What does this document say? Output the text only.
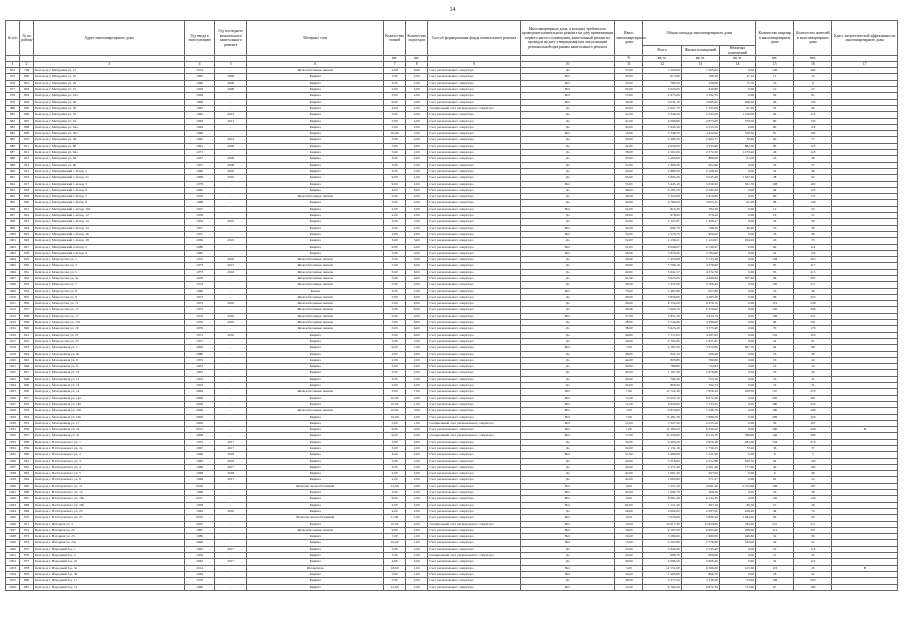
14
№ п/п	№ по району	Адрес многоквартирного дома	Год ввода в эксплуатацию	Год последнего комплексного капитального ремонта	Материал стен	Количество этажей	Количество подъездов	Способ формирования фонда капитального ремонта	Многоквартирные дома, в которых требовалось проведение капитального ремонта на дату приватизации первого жилого помещения, капитальный ремонт не проведен на дату утверждения или актуализации региональной программы капитального ремонта	Износ многоквартирного дома	Общая площадь многоквартирного дома			Количество квартир в многоквартирном доме	Количество жителей в многоквартирном доме	Класс энергетической эффективности многоквартирного дома
											Всего	Жилых помещений	Нежилых помещений			
						шт.	шт.			%	кв. м.	кв. м.	кв. м.	шт.	чел.	
1	2	3	4	5	6	7	8	9	10	11	12	13	14	15	16	17
974	799	Белгород г, Мичурина ул, 17	1974	-	Железобетонные панели	5,00	8,00	Счет регионального оператора	Да	37,00	7 505,00	7 505,00	0,00	120	264	
975	800	Белгород г, Мичурина ул, 25	1965	2009	Кирпич	3,00	2,00	Счет регионального оператора	Нет	33,00	815,60	768,50	47,10	11	14	
976	801	Белгород г, Мичурина ул, 29	1960	2009	Кирпич	2,00	2,00	Счет регионального оператора	Нет	33,00	785,50	339,00	75,70	16	8	
977	802	Белгород г, Мичурина ул, 31	1959	2009	Кирпич	2,00	2,00	Счет регионального оператора	Нет	32,00	2 020,00	420,80	0,00	12	27	
978	803	Белгород г, Мичурина ул, 43а	1999	-	Кирпич	5,00	4,00	Счет регионального оператора	Нет	15,00	4 475,00	3 762,70	0,00	59	81	
979	804	Белгород г, Мичурина ул, 50	1999	-	Кирпич	9,00	2,00	Счет регионального оператора	Нет	30,00	5 032,10	4 085,00	626,50	46	145	
980	805	Белгород г, Мичурина ул, 50	1963	-	Кирпич	4,00	2,00	Специальный счет регионального оператора	Да	40,00	2 021,70	1 705,00	61,20	32	66	
981	806	Белгород г, Мичурина ул, 52	1962	2013	Кирпич	5,00	4,00	Счет регионального оператора	Да	41,00	3 246,50	2 524,50	1 150,00	64	113	
982	807	Белгород г, Мичурина ул, 54	1962	2013	Кирпич	5,00	4,00	Счет регионального оператора	Да	41,00	4 060,80	2 873,60	379,30	80	143	
983	808	Белгород г, Мичурина ул, 54а	1964	-	Кирпич	5,00	4,00	Счет регионального оператора	Да	45,00	3 443,50	2 555,50	0,00	60	116	
984	809	Белгород г, Мичурина ул, 56а	1966	-	Кирпич	10,00	2,00	Счет регионального оператора	Нет	16,00	5 348,70	4 422,00	336,30	81	194	
985	810	Белгород г, Мичурина ул, 58	1962	2014	Кирпич	5,00	4,00	Счет регионального оператора	Да	45,00	3 383,30	2 464,77	38,40	60	77	
986	811	Белгород г, Мичурина ул, 60	1961	2009	Кирпич	5,00	4,00	Счет регионального оператора	Да	42,00	4 650,00	3 353,90	882,50	80	125	
987	812	Белгород г, Мичурина ул, 62а	1973	-	Кирпич	5,00	2,00	Счет регионального оператора	Да	38,00	4 501,00	2 372,20	1 473,20	46	118	
988	813	Белгород г, Мичурина ул, 64	1957	2009	Кирпич	3,00	2,00	Счет регионального оператора	Да	45,00	1 493,00	886,90	61,00	18	48	
989	814	Белгород г, Мичурина ул, 66	1957	2009	Кирпич	3,00	2,00	Счет регионального оператора	Да	31,00	1 406,30	902,90	0,00	18	37	
990	815	Белгород г, Мичуринский 1-й пер, 2	1960	2016	Кирпич	2,00	2,00	Счет регионального оператора	Да	43,00	2 889,50	2 108,20	0,00	54	96	
991	816	Белгород г, Мичуринский 1-й пер, 2а	1969	2016	Кирпич	9,00	1,00	Счет регионального оператора	Да	43,00	5 695,20	3 045,40	1 547,20	48	92	
992	817	Белгород г, Мичуринский 1-й пер, 3	1978	-	Кирпич	9,00	2,00	Счет регионального оператора	Нет	35,00	5 445,10	3 250,50	561,70	108	100	
993	818	Белгород г, Мичуринский 1-й пер, 6	1965	-	Кирпич	4,00	3,00	Счет регионального оператора	Да	46,00	4 181,50	2 584,20	0,00	64	123	
994	819	Белгород г, Мичуринский 1-й пер, 7	1970	-	Железобетонные панели	5,00	4,00	Счет регионального оператора	Да	36,00	3 520,68	2 479,60	0,00	80	127	
995	820	Белгород г, Мичуринский 1-й пер, 8	1968	-	Кирпич	5,00	4,00	Счет регионального оператора	Да	45,00	4 784,00	3 053,31	81,28	68	149	
996	821	Белгород г, Мичуринский 1-й пер, 10а	1957	-	Кирпич	2,00	2,00	Счет регионального оператора	Нет	54,00	816,30	784,30	0,00	12	23	
997	822	Белгород г, Мичуринский 1-й пер, 12	1956	-	Кирпич	2,00	2,00	Счет регионального оператора	Да	38,00	978,00	579,20	0,00	16	37	
998	823	Белгород г, Мичуринский 1-й пер, 13	1959	2019	Кирпич	2,00	2,00	Счет регионального оператора	Да	52,00	2 121,87	1 499,17	0,00	36	50	
999	824	Белгород г, Мичуринский 1-й пер, 14	1957	-	Кирпич	2,00	2,00	Счет регионального оператора	Нет	54,00	894,70	798,20	46,40	16	36	
1000	825	Белгород г, Мичуринский 1-й пер, 16	1957	-	Кирпич	2,00	2,00	Счет регионального оператора	Нет	54,00	1 574,75	900,00	0,00	18	40	
1001	826	Белгород г, Мичуринский 1-й пер, 18	1959	2019	Кирпич	3,00	3,00	Счет регионального оператора	Да	52,00	2 139,21	1 124,01	294,20	20	35	
1002	827	Белгород г, Мичуринский 2-й пер, 2	1980	-	Кирпич	9,00	4,00	Счет регионального оператора	Нет	31,00	9 649,67	6 749,67	0,00	69	114	
1003	828	Белгород г, Мичуринский 2-й пер, 4	1982	-	Кирпич	5,00	4,00	Счет регионального оператора	Нет	28,00	3 876,40	2 784,60	0,00	54	119	
1004	829	Белгород г, Мокроусова ул, 1	1972	2016	Железобетонные панели	5,00	6,00	Счет регионального оператора	Да	29,00	7 453,68	5 725,28	0,00	128	303	
1005	830	Белгород г, Мокроусова ул, 3	1973	2015	Железобетонные панели	5,00	6,00	Счет регионального оператора	Да	30,00	5 796,10	4 379,90	0,00	95	217	
1006	831	Белгород г, Мокроусова ул, 5	1973	2016	Железобетонные панели	5,00	6,00	Счет регионального оператора	Да	29,00	5 641,57	4 372,70	0,00	95	215	
1007	832	Белгород г, Мокроусова ул, 5а	1976	-	Железобетонные панели	5,00	6,00	Счет регионального оператора	Да	41,00	5 625,04	4 290,64	307,46	96	287	
1008	833	Белгород г, Мокроусова ул, 7	1974	-	Железобетонные панели	5,00	4,00	Счет регионального оператора	Да	39,00	7 451,00	5 709,45	0,00	120	311	
1009	834	Белгород г, Мокроусова ул, 8	1960	-	Блоки	2,00	2,00	Счет регионального оператора	Нет	75,00	1 481,80	657,80	0,00	16	30	
1010	835	Белгород г, Мокроусова ул, 9	1973	-	Железобетонные панели	5,00	6,00	Счет регионального оператора	Да	46,00	5 830,00	4 595,30	0,00	96	253	
1011	836	Белгород г, Мокроусова ул, 11	1972	2003	Железобетонные панели	5,00	8,00	Счет регионального оператора	Да	38,00	8 152,00	6 379,70	0,00	112	238	
1012	837	Белгород г, Мокроусова ул, 13	1973	-	Железобетонные панели	5,00	8,00	Счет регионального оператора	Да	38,00	7 600,70	6 476,02	0,00	120	306	
1013	838	Белгород г, Мокроусова ул, 17	1972	2016	Железобетонные панели	5,00	6,00	Счет регионального оператора	Нет	27,00	5 851,30	4 334,74	0,00	106	251	
1014	839	Белгород г, Мокроусова ул, 17а	1976	2019	Железобетонные панели	5,00	6,00	Счет регионального оператора	Да	38,00	5 744,80	4 290,00	0,00	99	241	
1015	840	Белгород г, Мокроусова ул, 19	1976	-	Железобетонные панели	5,00	6,00	Счет регионального оператора	Да	38,00	5 625,20	3 775,40	0,00	70	170	
1016	841	Белгород г, Мокроусова ул, 21	1971	2016	Кирпич	5,00	6,00	Счет регионального оператора	Да	46,00	7 711,02	4 297,02	0,00	132	323	
1017	842	Белгород г, Мокроусова ул, 23	1977	-	Кирпич	5,00	2,00	Счет регионального оператора	Да	34,00	2 791,85	1 931,65	0,00	34	97	
1018	843	Белгород г, Молодежная ул, 1	2009	-	Кирпич	9,00	1,00	Счет регионального оператора	Нет	7,00	4 787,20	3 372,60	827,70	64	88	
1019	844	Белгород г, Молодежная ул, 6а	1980	-	Кирпич	2,00	2,00	Счет регионального оператора	Да	28,00	922,10	506,40	0,00	16	30	
1020	845	Белгород г, Молодежная ул, 8	1953	-	Кирпич	2,00	2,00	Счет регионального оператора	Да	44,00	805,80	780,60	0,00	16	42	
1021	846	Белгород г, Молодежная ул, 9	1953	-	Кирпич	2,00	2,00	Счет регионального оператора	Да	50,00	788,80	724,93	0,00	16	34	
1022	847	Белгород г, Молодежная ул, 10	1953	-	Кирпич	2,00	2,00	Счет регионального оператора	Да	42,00	1 107,40	1 076,80	0,00	16	26	
1023	848	Белгород г, Молодежная ул, 11	1953	-	Кирпич	2,00	2,00	Счет регионального оператора	Да	40,00	794,30	755,50	0,00	16	31	
1024	849	Белгород г, Молодежная ул, 12	1953	-	Кирпич	2,00	2,00	Счет регионального оператора	Да	44,00	806,90	762,74	0,00	16	31	
1025	850	Белгород г, Молодежная ул, 14	2006	-	Железобетонные панели	5,00	7,00	Счет регионального оператора	Нет	7,00	12 722,30	7 656,20	268,50	147	270	
1026	851	Белгород г, Молодежная ул, 14а	2006	-	Кирпич	10,00	2,00	Счет регионального оператора	Нет	11,00	15 053,10	8 472,40	0,00	220	291	
1027	852	Белгород г, Молодежная ул, 14в	2006	-	Кирпич	10,00	1,00	Счет регионального оператора	Нет	11,00	6 620,60	7 133,20	0,00	180	245	
1028	853	Белгород г, Молодежная ул, 16б	2006	-	Железобетонные панели	10,00	3,00	Счет регионального оператора	Нет	7,00	9 876,00	7 246,70	0,00	180	296	
1029	854	Белгород г, Молодежная ул, 16в	2006	-	Кирпич	10,00	2,00	Счет регионального оператора	Нет	7,00	11 481,70	7 986,50	0,00	209	329	
1030	855	Белгород г, Молодежная ул, 17	2006	-	Кирпич	5,00	1,00	Специальный счет регионального оператора	Нет	12,00	3 327,30	2 253,10	0,00	59	107	
1031	856	Белгород г, Молодежная ул, 19	2013	-	Кирпич	9,00	4,00	Счет регионального оператора	Нет	1,00	12 184,23	8 459,20	0,00	180	240	В
1032	857	Белгород г, Молодежная ул, 22	2008	-	Кирпич	9,00	2,00	Специальный счет регионального оператора	Нет	17,00	12 230,60	9 215,70	398,90	146	286	
1033	858	Белгород г, Н.Островского ул, 1	1972	2017	Кирпич	5,00	4,00	Счет регионального оператора	Да	32,00	6 403,20	4 976,36	283,30	104	216	
1034	859	Белгород г, Н.Островского ул, 1а	1967	2017	Кирпич	3,00	2,00	Счет регионального оператора	Да	32,00	2 131,16	1 750,15	72,20	36	37	
1035	860	Белгород г, Н.Островского ул, 2	1968	2018	Кирпич	4,00	2,00	Счет регионального оператора	Нет	31,00	1 660,00	1 231,90	0,00	8	5	
1036	861	Белгород г, Н.Островского ул, 3	1969	2018	Кирпич	5,00	4,00	Счет регионального оператора	Да	43,00	3 518,80	2 352,88	639,70	64	140	
1037	862	Белгород г, Н.Островского ул, 4	1968	2017	Кирпич	2,00	2,00	Счет регионального оператора	Да	34,00	2 571,40	2 361,48	177,90	40	109	
1038	863	Белгород г, Н.Островского ул, 5	1968	2018	Кирпич	2,00	2,00	Счет регионального оператора	Да	42,00	1 061,20	597,00	0,00	6	46	
1039	864	Белгород г, Н.Островского ул, 8	1968	2017	Кирпич	2,00	2,00	Счет регионального оператора	Да	42,00	1 065,80	571,27	0,00	22	24	
1040	865	Белгород г, Н.Островского ул, 11	2018	-	Монолит железобетонный	12,00	2,00	Счет регионального оператора	Нет	0,00	7 251,20	4 981,20	2 375,90	106	197	
1041	866	Белгород г, Н.Островского ул, 12	1968	-	Кирпич	2,00	2,00	Счет регионального оператора	Нет	43,00	1 094,70	266,20	0,00	18	38	
1042	867	Белгород г, Н.Островского ул, 18а	2017	-	Кирпич	9,00	2,00	Счет регионального оператора	Нет	0,00	8 961,40	6 134,35	0,00	120	120	
1043	868	Белгород г, Н.Островского ул, 19б	1958	-	Кирпич	2,00	2,00	Счет регионального оператора	Нет	60,00	1 121,40	497,19	80,50	15	29	
1044	869	Белгород г, Н.Островского ул, 25	1962	2016	Кирпич	4,00	2,00	Счет регионального оператора	Да	18,00	4 002,00	2 287,00	228,20	44	74	
1045	870	Белгород г, Н.Островского ул, 27	2019	-	Монолит железобетонный	11,00	1,00	Счет регионального оператора	Нет	0,00	7 076,00	5 890,30	1 494,20	66	95	
1046	871	Белгород г, Нагорная ул, 3	2005	-	Кирпич	10,00	4,00	Специальный счет регионального оператора	Нет	10,00	16 917,30	13 659,60	764,60	221	311	
1047	872	Белгород г, Нагорная ул, 20	1997	-	Железобетонные панели	9,00	2,00	Счет регионального оператора	Нет	18,00	9 167,50	6 465,00	209,00	112	221	
1048	873	Белгород г, Нагорная ул, 23	1980	-	Кирпич	7,00	1,00	Счет регионального оператора	Нет	19,00	3 580,00	1 980,00	246,80	34	96	
1049	874	Белгород г, Нагорная ул, 23а	2006	-	Кирпич	10,00	1,00	Счет регионального оператора	Нет	15,00	4 567,80	2 776,60	343,00	29	21	
1050	875	Белгород г, Народный б-р, 1	1965	2017	Кирпич	5,00	4,00	Счет регионального оператора	Да	25,00	3 944,60	2 743,40	0,00	50	114	
1051	876	Белгород г, Народный б-р, 2	1959	-	Кирпич	3,00	2,00	Специальный счет регионального оператора	Да	45,00	888,70	800,60	0,00	12	45	
1052	877	Белгород г, Народный б-р, 2а	1962	2017	Кирпич	4,00	4,00	Счет регионального оператора	Да	29,00	4 006,50	2 906,40	0,00	54	113	
1053	878	Белгород г, Народный б-р, 3а	2014	-	Шлакоблок	18,00	1,00	Счет регионального оператора	Нет	3,00	12 551,00	6 506,60	415,30	116	45	В
1054	879	Белгород г, Народный б-р, 38	1936	-	Кирпич	3,00	1,00	Счет регионального оператора	Нет	54,00	1 463,80	866,70	0,00	18	31	
1055	880	Белгород г, Народный б-р, 17	1979	-	Кирпич	5,00	2,00	Счет регионального оператора	Да	30,00	4 275,50	3 126,50	54,00	148	295	
1056	881	Белгород г, Народный б-р, 71	1990	-	Кирпич	12,00	2,00	Счет регионального оператора	Нет	12,00	9 762,20	6 872,30	712,60	67	180	
